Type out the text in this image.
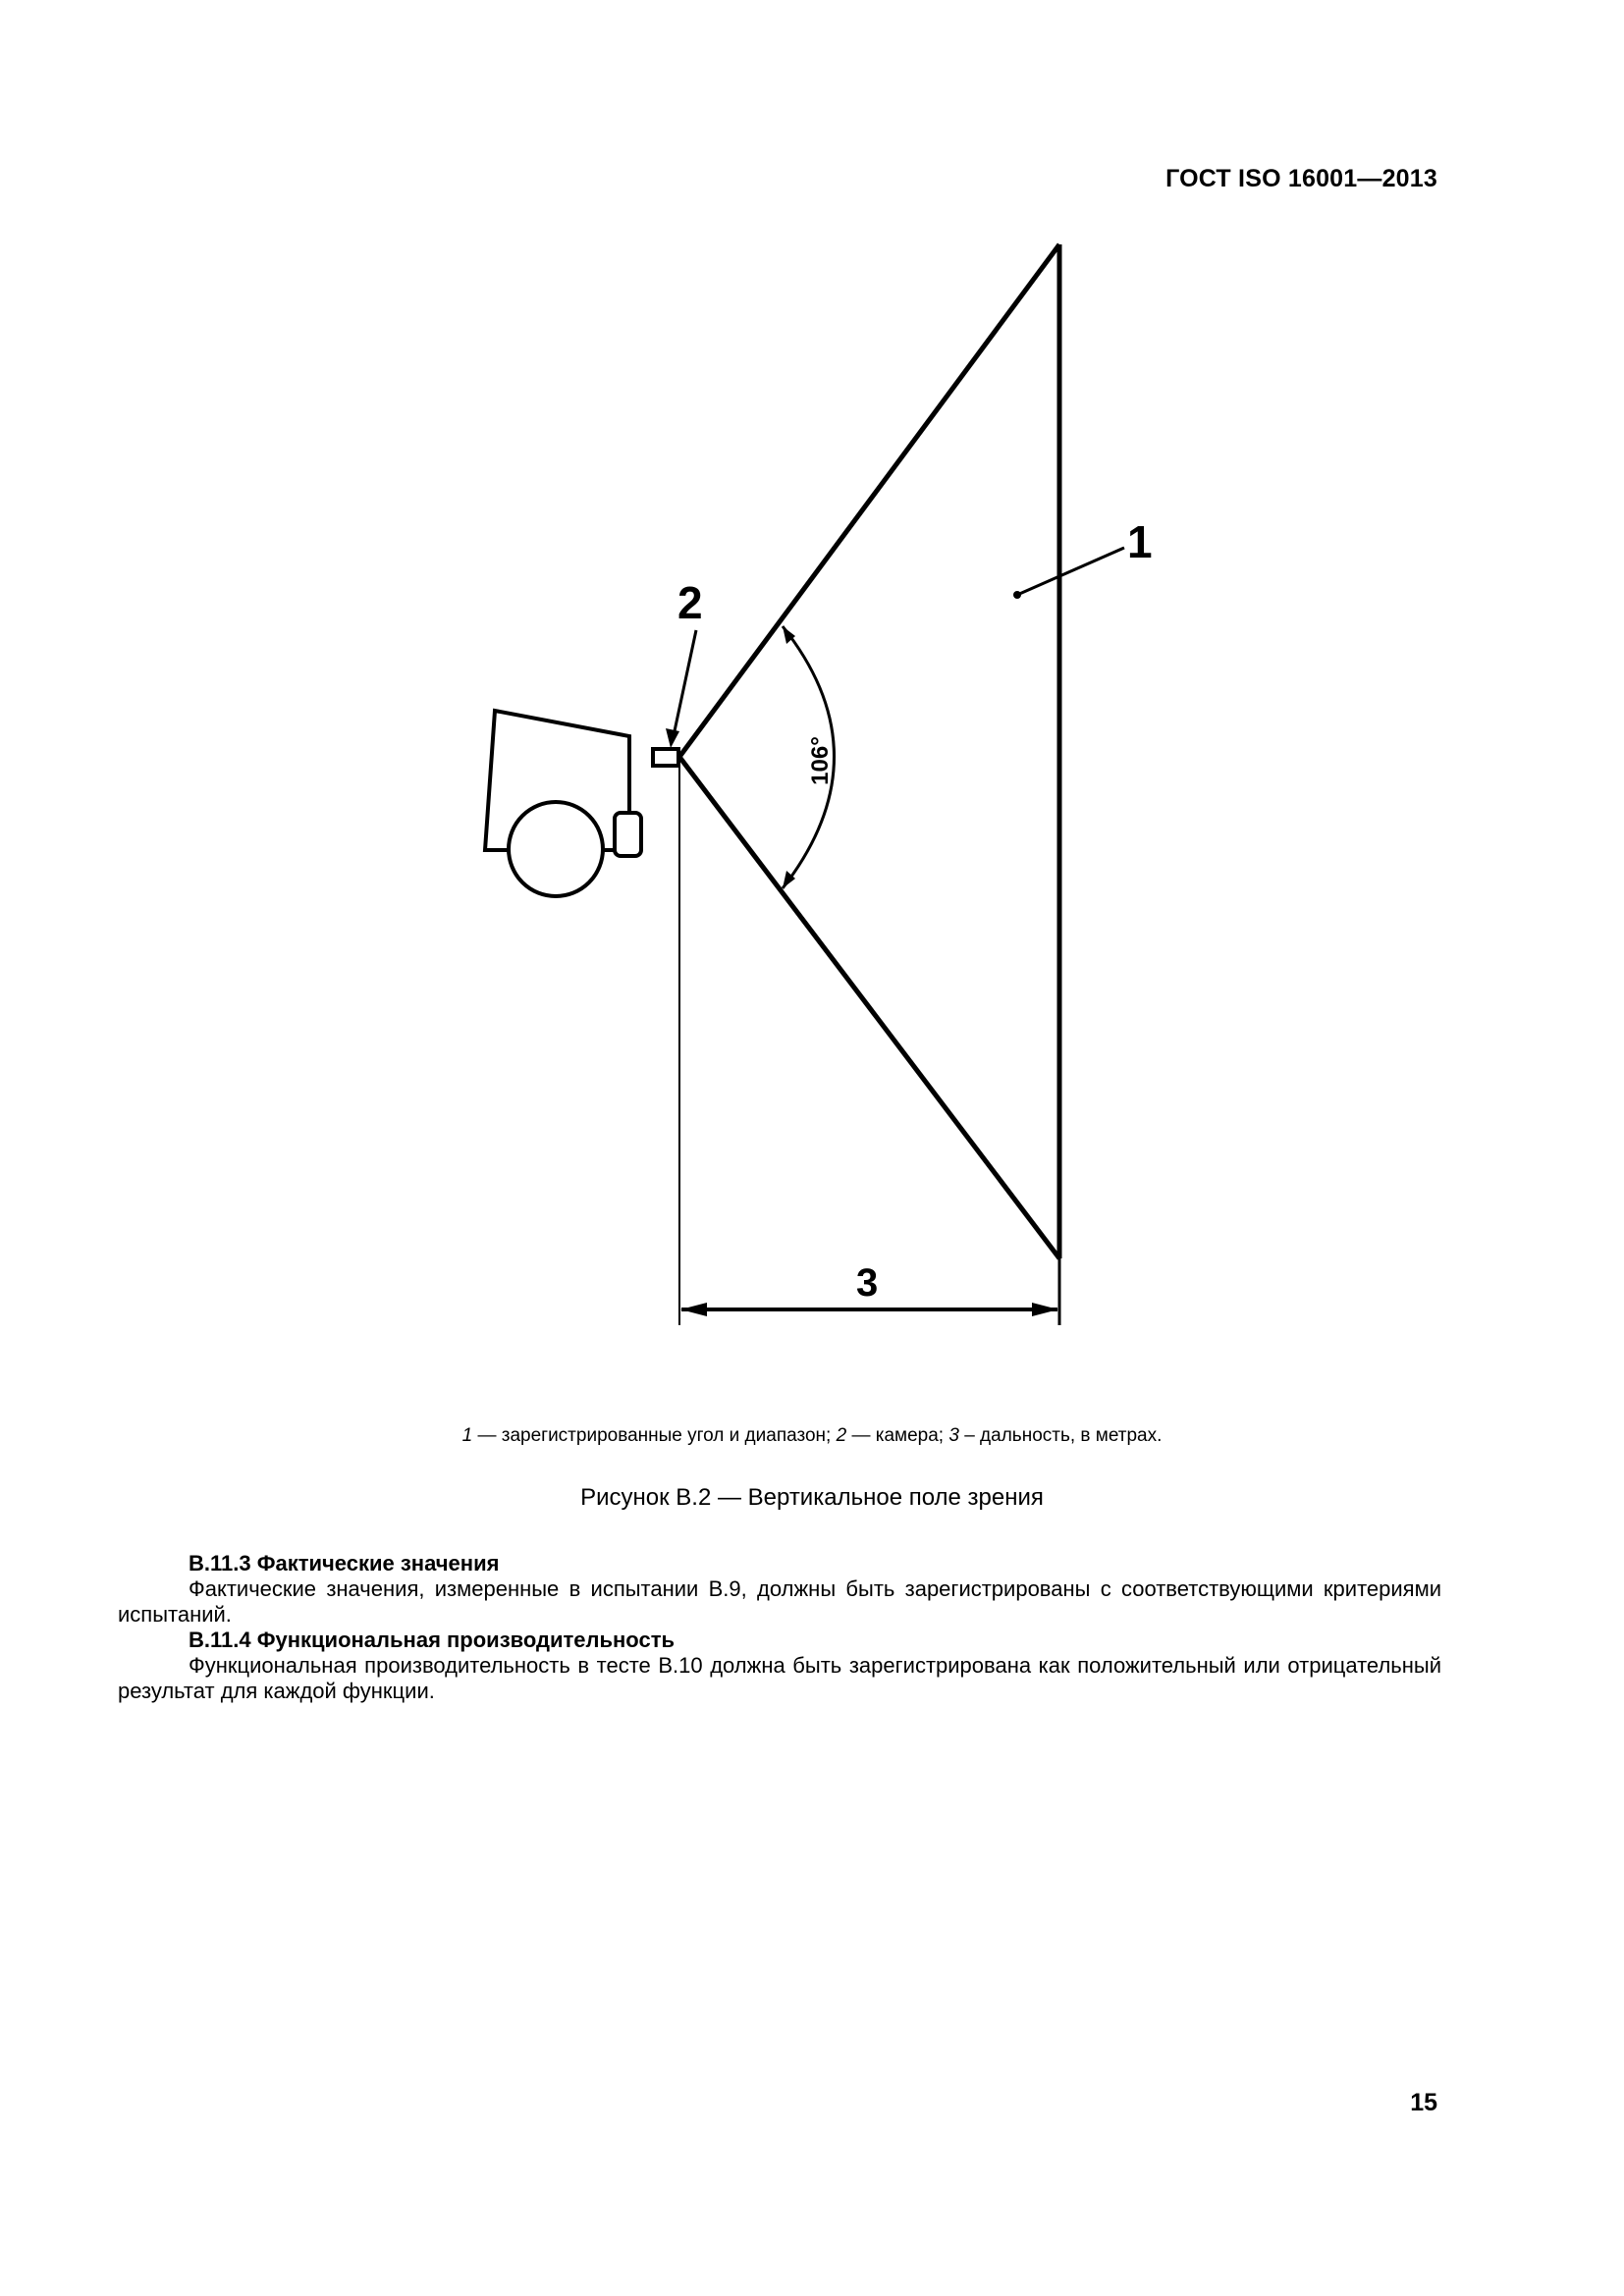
ГОСТ ISO 16001—2013
3
106°
1
2
1 — зарегистрированные угол и диапазон; 2 — камера; 3 – дальность, в метрах.
Рисунок В.2 — Вертикальное поле зрения

В.11.3 Фактические значения

Фактические значения, измеренные в испытании В.9, должны быть зарегистрированы с соответствующими критериями испытаний.

В.11.4 Функциональная производительность

Функциональная производительность в тесте В.10 должна быть зарегистрирована как положительный или отрицательный результат для каждой функции.

15
